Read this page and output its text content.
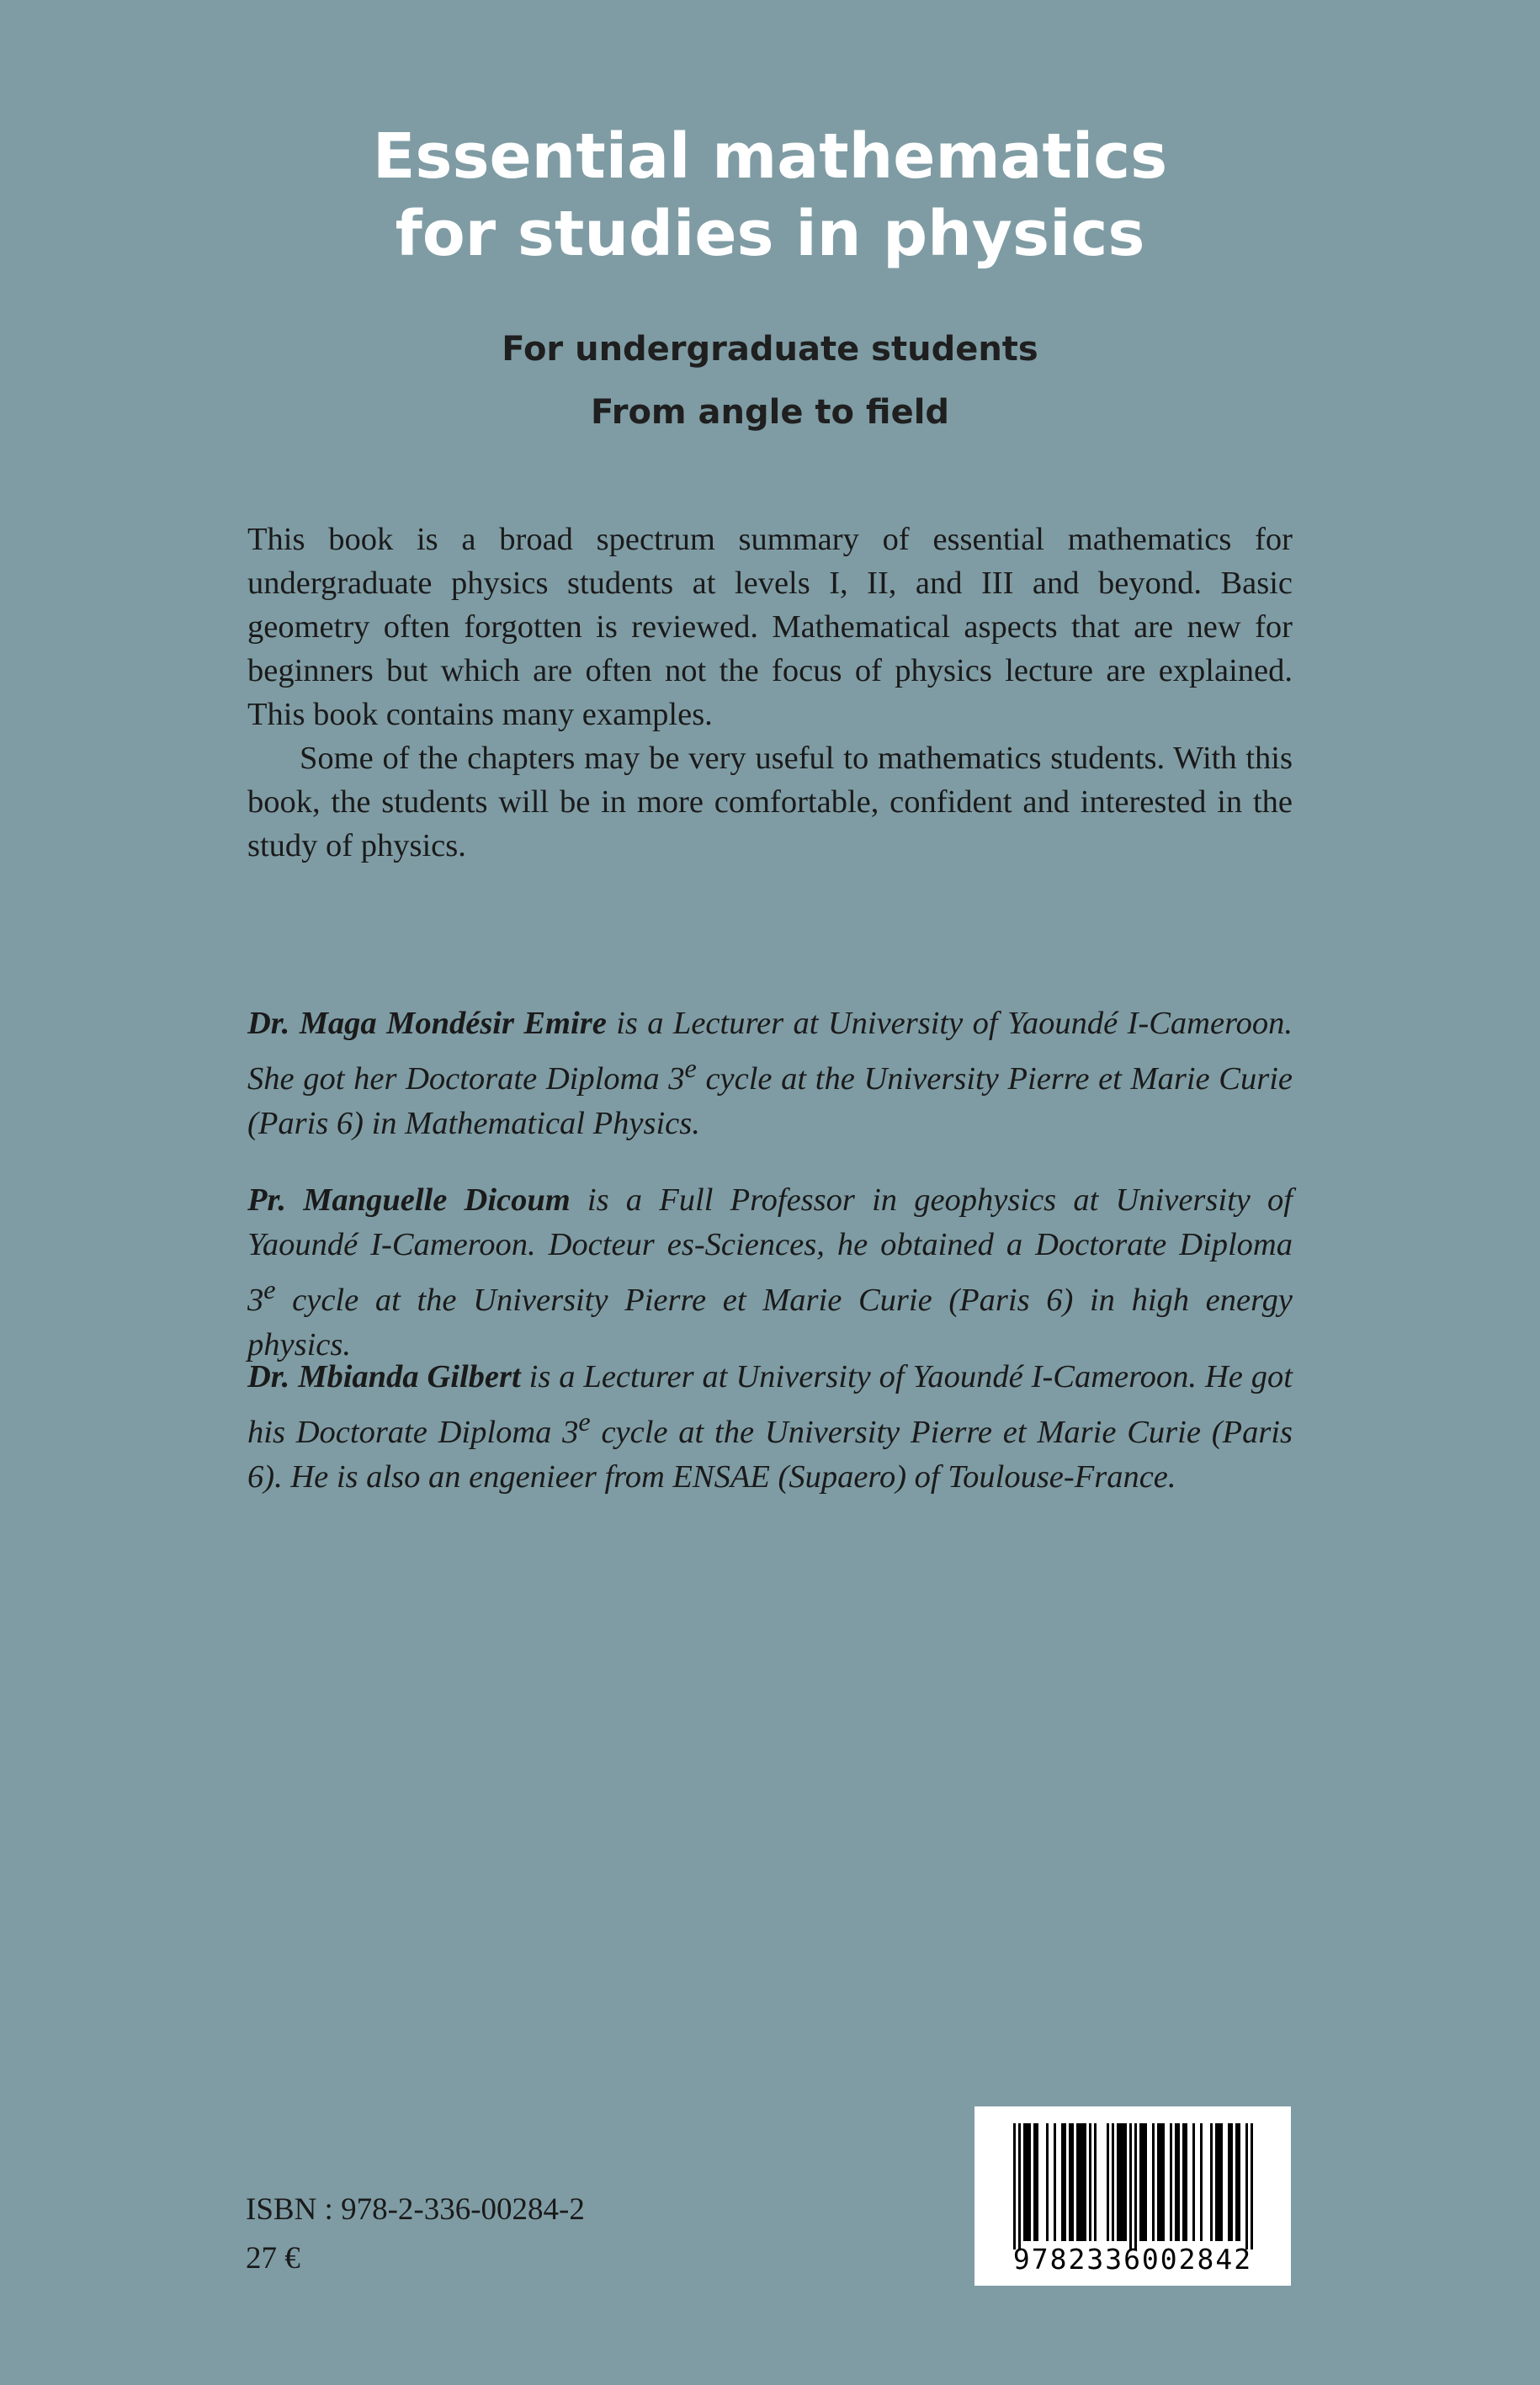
Essential mathematics
for studies in physics
For undergraduate students
From angle to field

This book is a broad spectrum summary of essential mathematics for undergraduate physics students at levels I, II, and III and beyond. Basic geometry often forgotten is reviewed. Mathematical aspects that are new for beginners but which are often not the focus of physics lecture are explained. This book contains many examples.

Some of the chapters may be very useful to mathematics students. With this book, the students will be in more comfortable, confident and interested in the study of physics.

Dr. Maga Mondésir Emire is a Lecturer at University of Yaoundé I-Cameroon. She got her Doctorate Diploma 3e cycle at the University Pierre et Marie Curie (Paris 6) in Mathematical Physics.

Pr. Manguelle Dicoum is a Full Professor in geophysics at University of Yaoundé I-Cameroon. Docteur es-Sciences, he obtained a Doctorate Diploma 3e cycle at the University Pierre et Marie Curie (Paris 6) in high energy physics.

Dr. Mbianda Gilbert is a Lecturer at University of Yaoundé I-Cameroon. He got his Doctorate Diploma 3e cycle at the University Pierre et Marie Curie (Paris 6). He is also an engenieer from ENSAE (Supaero) of Toulouse-France.

ISBN : 978-2-336-00284-2
27 €	9782336002842
